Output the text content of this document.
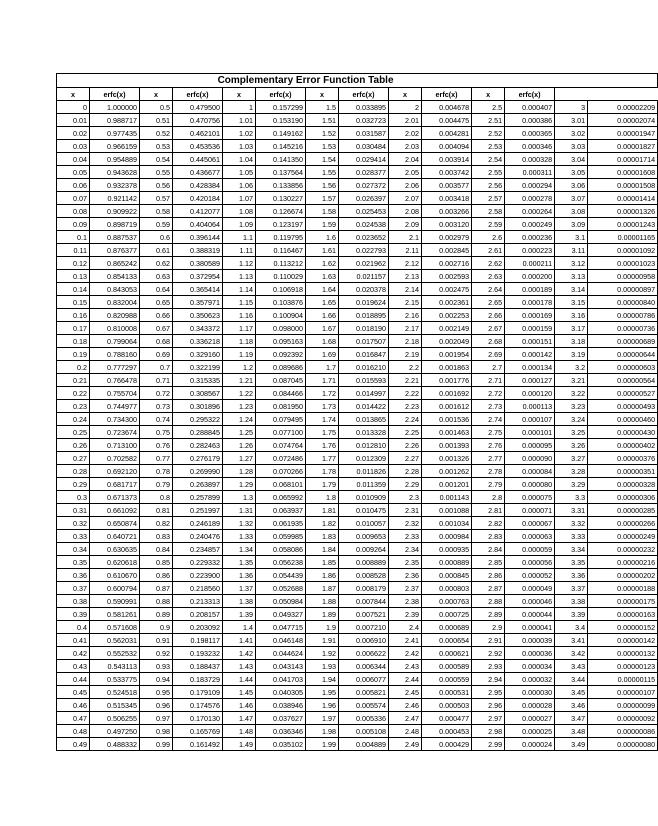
		Complementary Error Function Table											
x	erfc(x)	x	erfc(x)	x	erfc(x)	x	erfc(x)	x	erfc(x)	x	erfc(x)		
0	1.000000	0.5	0.479500	1	0.157299	1.5	0.033895	2	0.004678	2.5	0.000407	3	0.00002209
0.01	0.988717	0.51	0.470756	1.01	0.153190	1.51	0.032723	2.01	0.004475	2.51	0.000386	3.01	0.00002074
0.02	0.977435	0.52	0.462101	1.02	0.149162	1.52	0.031587	2.02	0.004281	2.52	0.000365	3.02	0.00001947
0.03	0.966159	0.53	0.453536	1.03	0.145216	1.53	0.030484	2.03	0.004094	2.53	0.000346	3.03	0.00001827
0.04	0.954889	0.54	0.445061	1.04	0.141350	1.54	0.029414	2.04	0.003914	2.54	0.000328	3.04	0.00001714
0.05	0.943628	0.55	0.436677	1.05	0.137564	1.55	0.028377	2.05	0.003742	2.55	0.000311	3.05	0.00001608
0.06	0.932378	0.56	0.428384	1.06	0.133856	1.56	0.027372	2.06	0.003577	2.56	0.000294	3.06	0.00001508
0.07	0.921142	0.57	0.420184	1.07	0.130227	1.57	0.026397	2.07	0.003418	2.57	0.000278	3.07	0.00001414
0.08	0.909922	0.58	0.412077	1.08	0.126674	1.58	0.025453	2.08	0.003266	2.58	0.000264	3.08	0.00001326
0.09	0.898719	0.59	0.404064	1.09	0.123197	1.59	0.024538	2.09	0.003120	2.59	0.000249	3.09	0.00001243
0.1	0.887537	0.6	0.396144	1.1	0.119795	1.6	0.023652	2.1	0.002979	2.6	0.000236	3.1	0.00001165
0.11	0.876377	0.61	0.388319	1.11	0.116467	1.61	0.022793	2.11	0.002845	2.61	0.000223	3.11	0.00001092
0.12	0.865242	0.62	0.380589	1.12	0.113212	1.62	0.021962	2.12	0.002716	2.62	0.000211	3.12	0.00001023
0.13	0.854133	0.63	0.372954	1.13	0.110029	1.63	0.021157	2.13	0.002593	2.63	0.000200	3.13	0.00000958
0.14	0.843053	0.64	0.365414	1.14	0.106918	1.64	0.020378	2.14	0.002475	2.64	0.000189	3.14	0.00000897
0.15	0.832004	0.65	0.357971	1.15	0.103876	1.65	0.019624	2.15	0.002361	2.65	0.000178	3.15	0.00000840
0.16	0.820988	0.66	0.350623	1.16	0.100904	1.66	0.018895	2.16	0.002253	2.66	0.000169	3.16	0.00000786
0.17	0.810008	0.67	0.343372	1.17	0.098000	1.67	0.018190	2.17	0.002149	2.67	0.000159	3.17	0.00000736
0.18	0.799064	0.68	0.336218	1.18	0.095163	1.68	0.017507	2.18	0.002049	2.68	0.000151	3.18	0.00000689
0.19	0.788160	0.69	0.329160	1.19	0.092392	1.69	0.016847	2.19	0.001954	2.69	0.000142	3.19	0.00000644
0.2	0.777297	0.7	0.322199	1.2	0.089686	1.7	0.016210	2.2	0.001863	2.7	0.000134	3.2	0.00000603
0.21	0.766478	0.71	0.315335	1.21	0.087045	1.71	0.015593	2.21	0.001776	2.71	0.000127	3.21	0.00000564
0.22	0.755704	0.72	0.308567	1.22	0.084466	1.72	0.014997	2.22	0.001692	2.72	0.000120	3.22	0.00000527
0.23	0.744977	0.73	0.301896	1.23	0.081950	1.73	0.014422	2.23	0.001612	2.73	0.000113	3.23	0.00000493
0.24	0.734300	0.74	0.295322	1.24	0.079495	1.74	0.013865	2.24	0.001536	2.74	0.000107	3.24	0.00000460
0.25	0.723674	0.75	0.288845	1.25	0.077100	1.75	0.013328	2.25	0.001463	2.75	0.000101	3.25	0.00000430
0.26	0.713100	0.76	0.282463	1.26	0.074764	1.76	0.012810	2.26	0.001393	2.76	0.000095	3.26	0.00000402
0.27	0.702582	0.77	0.276179	1.27	0.072486	1.77	0.012309	2.27	0.001326	2.77	0.000090	3.27	0.00000376
0.28	0.692120	0.78	0.269990	1.28	0.070266	1.78	0.011826	2.28	0.001262	2.78	0.000084	3.28	0.00000351
0.29	0.681717	0.79	0.263897	1.29	0.068101	1.79	0.011359	2.29	0.001201	2.79	0.000080	3.29	0.00000328
0.3	0.671373	0.8	0.257899	1.3	0.065992	1.8	0.010909	2.3	0.001143	2.8	0.000075	3.3	0.00000306
0.31	0.661092	0.81	0.251997	1.31	0.063937	1.81	0.010475	2.31	0.001088	2.81	0.000071	3.31	0.00000285
0.32	0.650874	0.82	0.246189	1.32	0.061935	1.82	0.010057	2.32	0.001034	2.82	0.000067	3.32	0.00000266
0.33	0.640721	0.83	0.240476	1.33	0.059985	1.83	0.009653	2.33	0.000984	2.83	0.000063	3.33	0.00000249
0.34	0.630635	0.84	0.234857	1.34	0.058086	1.84	0.009264	2.34	0.000935	2.84	0.000059	3.34	0.00000232
0.35	0.620618	0.85	0.229332	1.35	0.056238	1.85	0.008889	2.35	0.000889	2.85	0.000056	3.35	0.00000216
0.36	0.610670	0.86	0.223900	1.36	0.054439	1.86	0.008528	2.36	0.000845	2.86	0.000052	3.36	0.00000202
0.37	0.600794	0.87	0.218560	1.37	0.052688	1.87	0.008179	2.37	0.000803	2.87	0.000049	3.37	0.00000188
0.38	0.590991	0.88	0.213313	1.38	0.050984	1.88	0.007844	2.38	0.000763	2.88	0.000046	3.38	0.00000175
0.39	0.581261	0.89	0.208157	1.39	0.049327	1.89	0.007521	2.39	0.000725	2.89	0.000044	3.39	0.00000163
0.4	0.571608	0.9	0.203092	1.4	0.047715	1.9	0.007210	2.4	0.000689	2.9	0.000041	3.4	0.00000152
0.41	0.562031	0.91	0.198117	1.41	0.046148	1.91	0.006910	2.41	0.000654	2.91	0.000039	3.41	0.00000142
0.42	0.552532	0.92	0.193232	1.42	0.044624	1.92	0.006622	2.42	0.000621	2.92	0.000036	3.42	0.00000132
0.43	0.543113	0.93	0.188437	1.43	0.043143	1.93	0.006344	2.43	0.000589	2.93	0.000034	3.43	0.00000123
0.44	0.533775	0.94	0.183729	1.44	0.041703	1.94	0.006077	2.44	0.000559	2.94	0.000032	3.44	0.00000115
0.45	0.524518	0.95	0.179109	1.45	0.040305	1.95	0.005821	2.45	0.000531	2.95	0.000030	3.45	0.00000107
0.46	0.515345	0.96	0.174576	1.46	0.038946	1.96	0.005574	2.46	0.000503	2.96	0.000028	3.46	0.00000099
0.47	0.506255	0.97	0.170130	1.47	0.037627	1.97	0.005336	2.47	0.000477	2.97	0.000027	3.47	0.00000092
0.48	0.497250	0.98	0.165769	1.48	0.036346	1.98	0.005108	2.48	0.000453	2.98	0.000025	3.48	0.00000086
0.49	0.488332	0.99	0.161492	1.49	0.035102	1.99	0.004889	2.49	0.000429	2.99	0.000024	3.49	0.00000080
